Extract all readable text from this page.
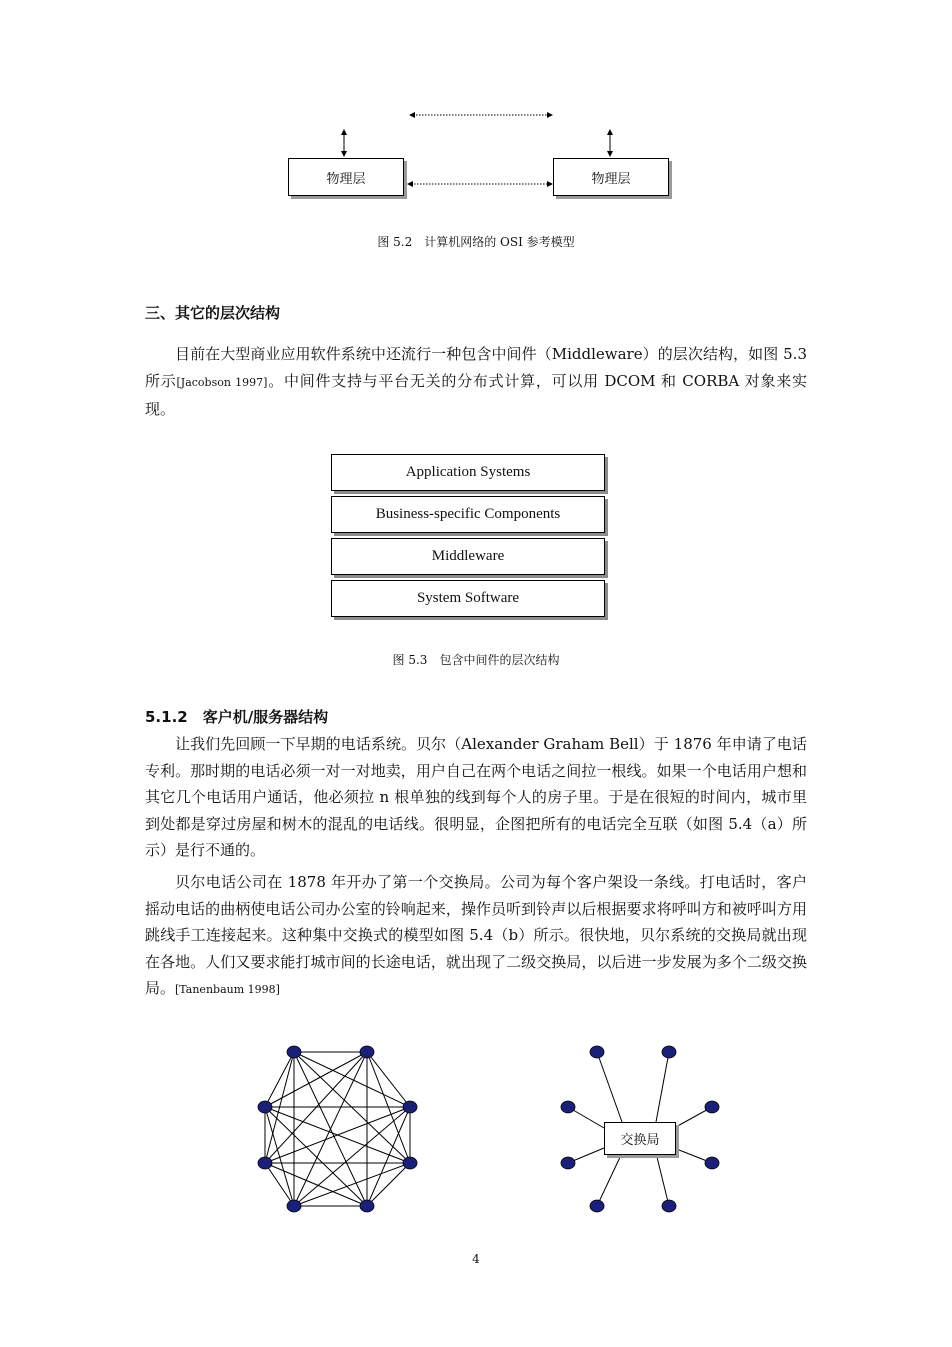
物理层	物理层
图 5.2　计算机网络的 OSI 参考模型
三、其它的层次结构
目前在大型商业应用软件系统中还流行一种包含中间件（Middleware）的层次结构，如图 5.3 所示[Jacobson 1997]。中间件支持与平台无关的分布式计算，可以用 DCOM 和 CORBA 对象来实现。
Application Systems
Business-specific Components
Middleware
System Software
图 5.3　包含中间件的层次结构
5.1.2　客户机/服务器结构
让我们先回顾一下早期的电话系统。贝尔（Alexander Graham Bell）于 1876 年申请了电话专利。那时期的电话必须一对一对地卖，用户自己在两个电话之间拉一根线。如果一个电话用户想和其它几个电话用户通话，他必须拉 n 根单独的线到每个人的房子里。于是在很短的时间内，城市里到处都是穿过房屋和树木的混乱的电话线。很明显，企图把所有的电话完全互联（如图 5.4（a）所示）是行不通的。
贝尔电话公司在 1878 年开办了第一个交换局。公司为每个客户架设一条线。打电话时，客户摇动电话的曲柄使电话公司办公室的铃响起来，操作员听到铃声以后根据要求将呼叫方和被呼叫方用跳线手工连接起来。这种集中交换式的模型如图 5.4（b）所示。很快地，贝尔系统的交换局就出现在各地。人们又要求能打城市间的长途电话，就出现了二级交换局，以后进一步发展为多个二级交换局。[Tanenbaum 1998]
交换局
4
